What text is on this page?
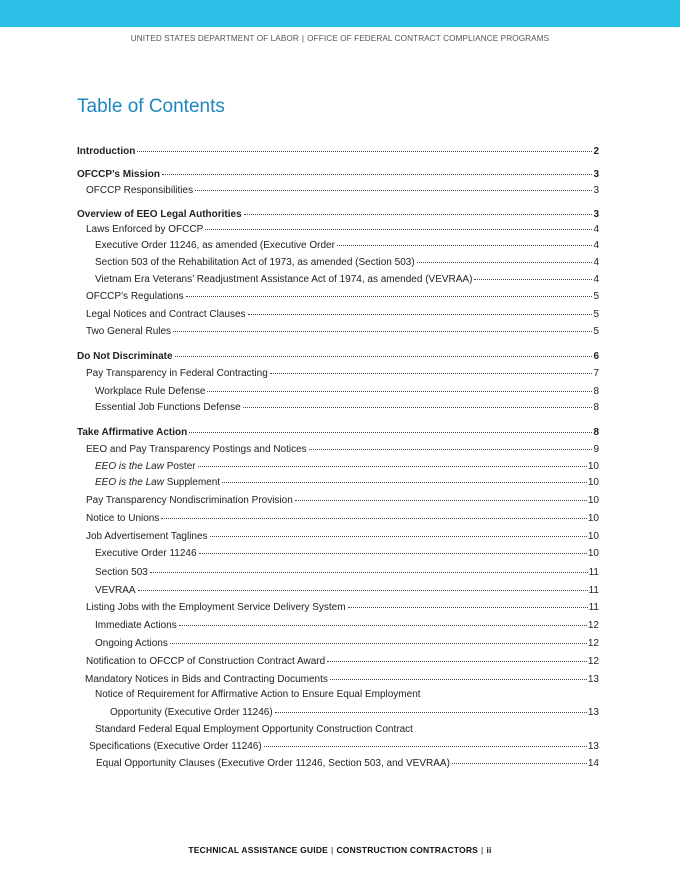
UNITED STATES DEPARTMENT OF LABOR | OFFICE OF FEDERAL CONTRACT COMPLIANCE PROGRAMS
Table of Contents
Introduction	2
OFCCP’s Mission	3
OFCCP Responsibilities	3
Overview of EEO Legal Authorities	3
Laws Enforced by OFCCP	4
Executive Order 11246, as amended (Executive Order	4
Section 503 of the Rehabilitation Act of 1973, as amended (Section 503)	4
Vietnam Era Veterans’ Readjustment Assistance Act of 1974, as amended (VEVRAA)	4
OFCCP’s Regulations	5
Legal Notices and Contract Clauses	5
Two General Rules	5
Do Not Discriminate	6
Pay Transparency in Federal Contracting	7
Workplace Rule Defense	8
Essential Job Functions Defense	8
Take Affirmative Action	8
EEO and Pay Transparency Postings and Notices	9
EEO is the Law Poster	10
EEO is the Law Supplement	10
Pay Transparency Nondiscrimination Provision	10
Notice to Unions	10
Job Advertisement Taglines	10
Executive Order 11246	10
Section 503	11
VEVRAA	11
Listing Jobs with the Employment Service Delivery System	11
Immediate Actions	12
Ongoing Actions	12
Notification to OFCCP of Construction Contract Award	12
Mandatory Notices in Bids and Contracting Documents	13
Notice of Requirement for Affirmative Action to Ensure Equal Employment
Opportunity (Executive Order 11246)	13
Standard Federal Equal Employment Opportunity Construction Contract
Specifications (Executive Order 11246)	13
Equal Opportunity Clauses (Executive Order 11246, Section 503, and VEVRAA)	14
TECHNICAL ASSISTANCE GUIDE | CONSTRUCTION CONTRACTORS | ii
